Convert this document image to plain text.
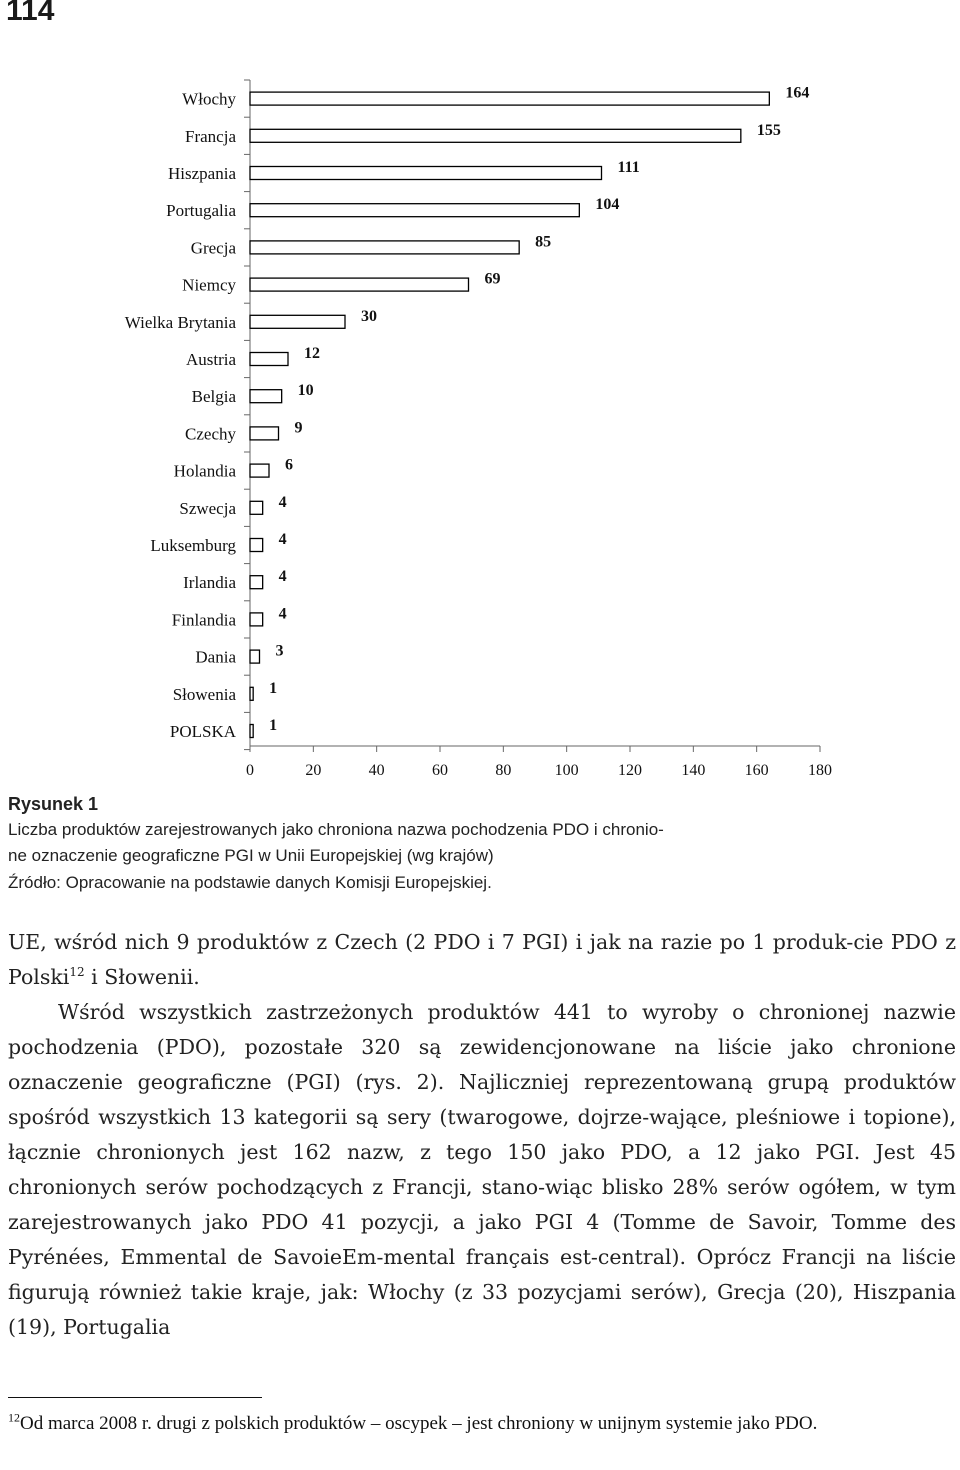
114
Włochy
Francja
Hiszpania
Portugalia
Grecja
Niemcy
Wielka Brytania
Austria
Belgia
Czechy
Holandia
Szwecja
Luksemburg
Irlandia
Finlandia
Dania
Słowenia
POLSKA
164
155
111
104
85
69
30
12
10
9
6
4
4
4
4
3
1
1
0	20	40	60	80	100 120 140 160 180
Rysunek 1
Liczba produktów zarejestrowanych jako chroniona nazwa pochodzenia PDO i chronio-
ne oznaczenie geograficzne PGI w Unii Europejskiej (wg krajów)
Źródło: Opracowanie na podstawie danych Komisji Europejskiej.
UE, wśród nich 9 produktów z Czech (2 PDO i 7 PGI) i jak na razie po 1 produk-cie PDO z Polski$^{12}$ i Słowenii.
Wśród wszystkich zastrzeżonych produktów 441 to wyroby o chronionej nazwie pochodzenia (PDO), pozostałe 320 są zewidencjonowane na liście jako chronione oznaczenie geograficzne (PGI) (rys. 2). Najliczniej reprezentowaną grupą produktów spośród wszystkich 13 kategorii są sery (twarogowe, dojrze-wające, pleśniowe i topione), łącznie chronionych jest 162 nazw, z tego 150 jako PDO, a 12 jako PGI. Jest 45 chronionych serów pochodzących z Francji, stano-wiąc blisko 28% serów ogółem, w tym zarejestrowanych jako PDO 41 pozycji, a jako PGI 4 (Tomme de Savoir, Tomme des Pyrénées, Emmental de SavoieEm-mental français est-central). Oprócz Francji na liście figurują również takie kraje, jak: Włochy (z 33 pozycjami serów), Grecja (20), Hiszpania (19), Portugalia
$^{12}$Od marca 2008 r. drugi z polskich produktów – oscypek – jest chroniony w unijnym systemie jako PDO.
